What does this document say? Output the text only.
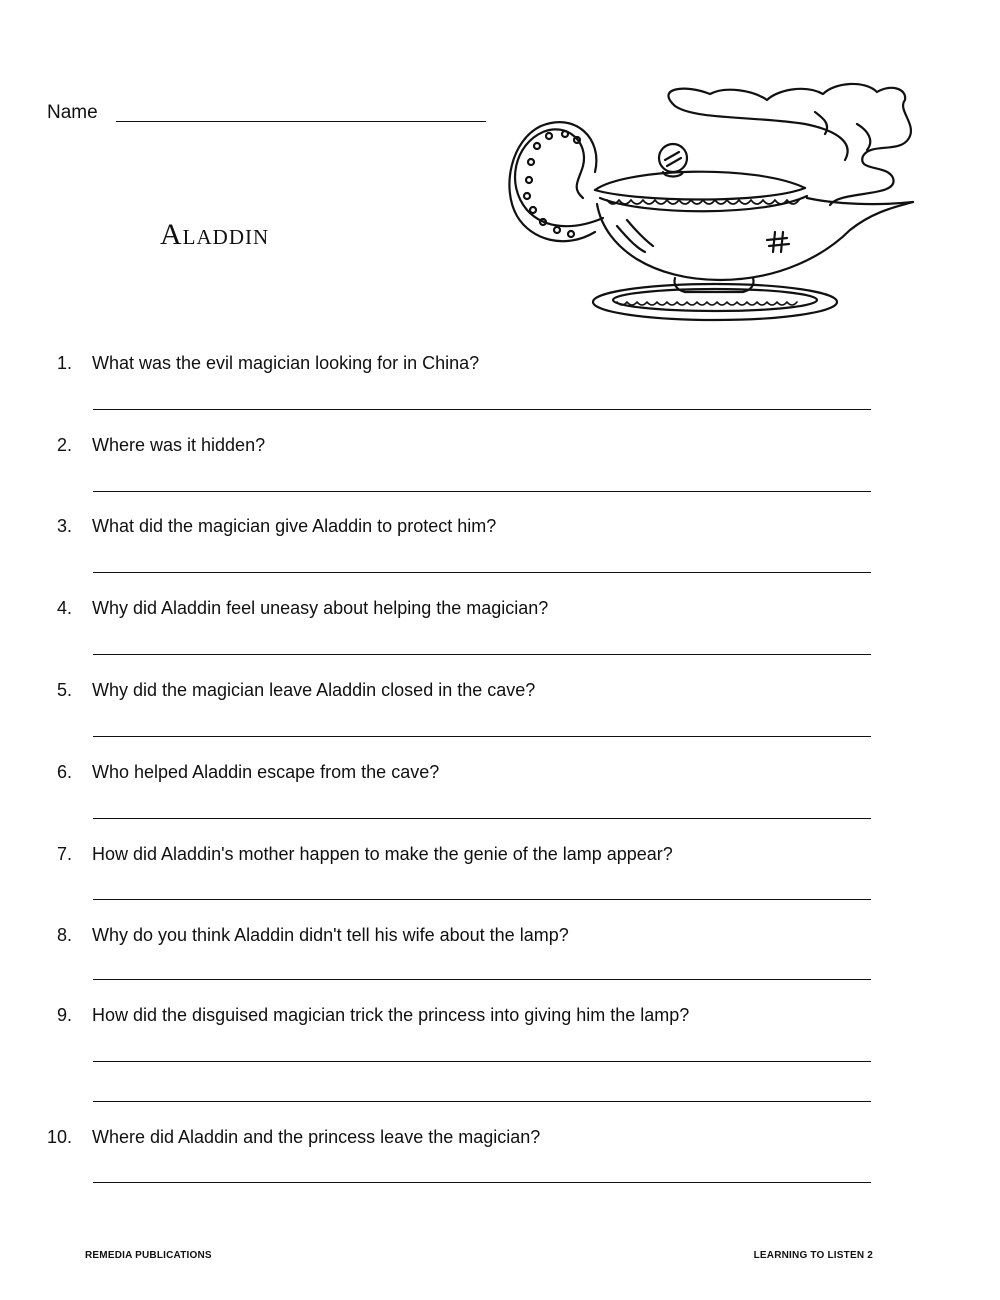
Name
Aladdin
1. What was the evil magician looking for in China?
2. Where was it hidden?
3. What did the magician give Aladdin to protect him?
4. Why did Aladdin feel uneasy about helping the magician?
5. Why did the magician leave Aladdin closed in the cave?
6. Who helped Aladdin escape from the cave?
7. How did Aladdin's mother happen to make the genie of the lamp appear?
8. Why do you think Aladdin didn't tell his wife about the lamp?
9. How did the disguised magician trick the princess into giving him the lamp?
10. Where did Aladdin and the princess leave the magician?
REMEDIA PUBLICATIONS	LEARNING TO LISTEN 2
